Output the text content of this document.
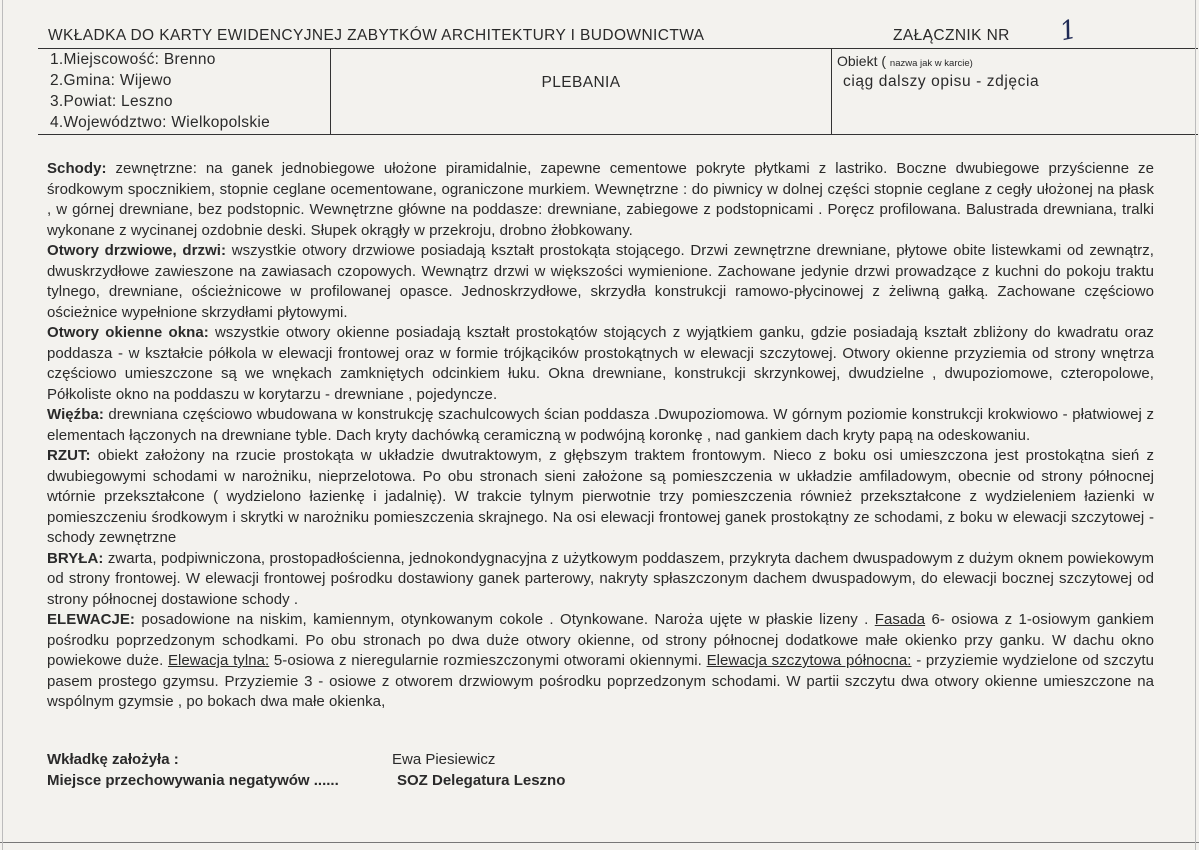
WKŁADKA DO KARTY EWIDENCYJNEJ ZABYTKÓW ARCHITEKTURY I BUDOWNICTWA	ZAŁĄCZNIK NR 1
1.Miejscowość: Brenno
2.Gmina: Wijewo
3.Powiat: Leszno
4.Województwo: Wielkopolskie
PLEBANIA
Obiekt ( nazwa jak w karcie)
ciąg dalszy opisu - zdjęcia

Schody: zewnętrzne: na ganek jednobiegowe ułożone piramidalnie, zapewne cementowe pokryte płytkami z lastriko. Boczne dwubiegowe przyścienne ze środkowym spocznikiem, stopnie ceglane ocementowane, ograniczone murkiem. Wewnętrzne : do piwnicy w dolnej części stopnie ceglane z cegły ułożonej na płask , w górnej drewniane, bez podstopnic. Wewnętrzne główne na poddasze: drewniane, zabiegowe z podstopnicami . Poręcz profilowana. Balustrada drewniana, tralki wykonane z wycinanej ozdobnie deski. Słupek okrągły w przekroju, drobno żłobkowany.

Otwory drzwiowe, drzwi: wszystkie otwory drzwiowe posiadają kształt prostokąta stojącego. Drzwi zewnętrzne drewniane, płytowe obite listewkami od zewnątrz, dwuskrzydłowe zawieszone na zawiasach czopowych. Wewnątrz drzwi w większości wymienione. Zachowane jedynie drzwi prowadzące z kuchni do pokoju traktu tylnego, drewniane, ościeżnicowe w profilowanej opasce. Jednoskrzydłowe, skrzydła konstrukcji ramowo-płycinowej z żeliwną gałką. Zachowane częściowo ościeżnice wypełnione skrzydłami płytowymi.

Otwory okienne okna: wszystkie otwory okienne posiadają kształt prostokątów stojących z wyjątkiem ganku, gdzie posiadają kształt zbliżony do kwadratu oraz poddasza - w kształcie półkola w elewacji frontowej oraz w formie trójkącików prostokątnych w elewacji szczytowej. Otwory okienne przyziemia od strony wnętrza częściowo umieszczone są we wnękach zamkniętych odcinkiem łuku. Okna drewniane, konstrukcji skrzynkowej, dwudzielne , dwupoziomowe, czteropolowe, Półkoliste okno na poddaszu w korytarzu - drewniane , pojedyncze.

Więźba: drewniana częściowo wbudowana w konstrukcję szachulcowych ścian poddasza .Dwupoziomowa. W górnym poziomie konstrukcji krokwiowo - płatwiowej z elementach łączonych na drewniane tyble. Dach kryty dachówką ceramiczną w podwójną koronkę , nad gankiem dach kryty papą na odeskowaniu.

RZUT: obiekt założony na rzucie prostokąta w układzie dwutraktowym, z głębszym traktem frontowym. Nieco z boku osi umieszczona jest prostokątna sień z dwubiegowymi schodami w narożniku, nieprzelotowa. Po obu stronach sieni założone są pomieszczenia w układzie amfiladowym, obecnie od strony północnej wtórnie przekształcone ( wydzielono łazienkę i jadalnię). W trakcie tylnym pierwotnie trzy pomieszczenia również przekształcone z wydzieleniem łazienki w pomieszczeniu środkowym i skrytki w narożniku pomieszczenia skrajnego. Na osi elewacji frontowej ganek prostokątny ze schodami, z boku w elewacji szczytowej - schody zewnętrzne

BRYŁA: zwarta, podpiwniczona, prostopadłościenna, jednokondygnacyjna z użytkowym poddaszem, przykryta dachem dwuspadowym z dużym oknem powiekowym od strony frontowej. W elewacji frontowej pośrodku dostawiony ganek parterowy, nakryty spłaszczonym dachem dwuspadowym, do elewacji bocznej szczytowej od strony północnej dostawione schody .

ELEWACJE: posadowione na niskim, kamiennym, otynkowanym cokole . Otynkowane. Naroża ujęte w płaskie lizeny . Fasada 6- osiowa z 1-osiowym gankiem pośrodku poprzedzonym schodkami. Po obu stronach po dwa duże otwory okienne, od strony północnej dodatkowe małe okienko przy ganku. W dachu okno powiekowe duże. Elewacja tylna: 5-osiowa z nieregularnie rozmieszczonymi otworami okiennymi. Elewacja szczytowa północna: - przyziemie wydzielone od szczytu pasem prostego gzymsu. Przyziemie 3 - osiowe z otworem drzwiowym pośrodku poprzedzonym schodami. W partii szczytu dwa otwory okienne umieszczone na wspólnym gzymsie , po bokach dwa małe okienka,

Wkładkę założyła :	Ewa Piesiewicz
Miejsce przechowywania negatywów ......	SOZ Delegatura Leszno
